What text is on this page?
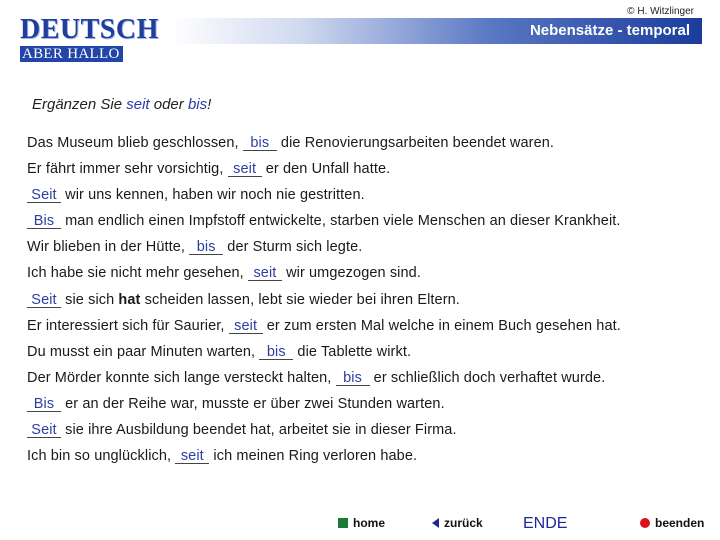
© H. Witzlinger
DEUTSCH
ABER HALLO
Nebensätze - temporal
Ergänzen Sie seit oder bis!
Das Museum blieb geschlossen, bis die Renovierungsarbeiten beendet waren.
Er fährt immer sehr vorsichtig, seit er den Unfall hatte.
Seit wir uns kennen, haben wir noch nie gestritten.
Bis man endlich einen Impfstoff entwickelte, starben viele Menschen an dieser Krankheit.
Wir blieben in der Hütte, bis der Sturm sich legte.
Ich habe sie nicht mehr gesehen, seit wir umgezogen sind.
Seit sie sich hat scheiden lassen, lebt sie wieder bei ihren Eltern.
Er interessiert sich für Saurier, seit er zum ersten Mal welche in einem Buch gesehen hat.
Du musst ein paar Minuten warten, bis die Tablette wirkt.
Der Mörder konnte sich lange versteckt halten, bis er schließlich doch verhaftet wurde.
Bis er an der Reihe war, musste er über zwei Stunden warten.
Seit sie ihre Ausbildung beendet hat, arbeitet sie in dieser Firma.
Ich bin so unglücklich, seit ich meinen Ring verloren habe.
home	zurück	ENDE	beenden
